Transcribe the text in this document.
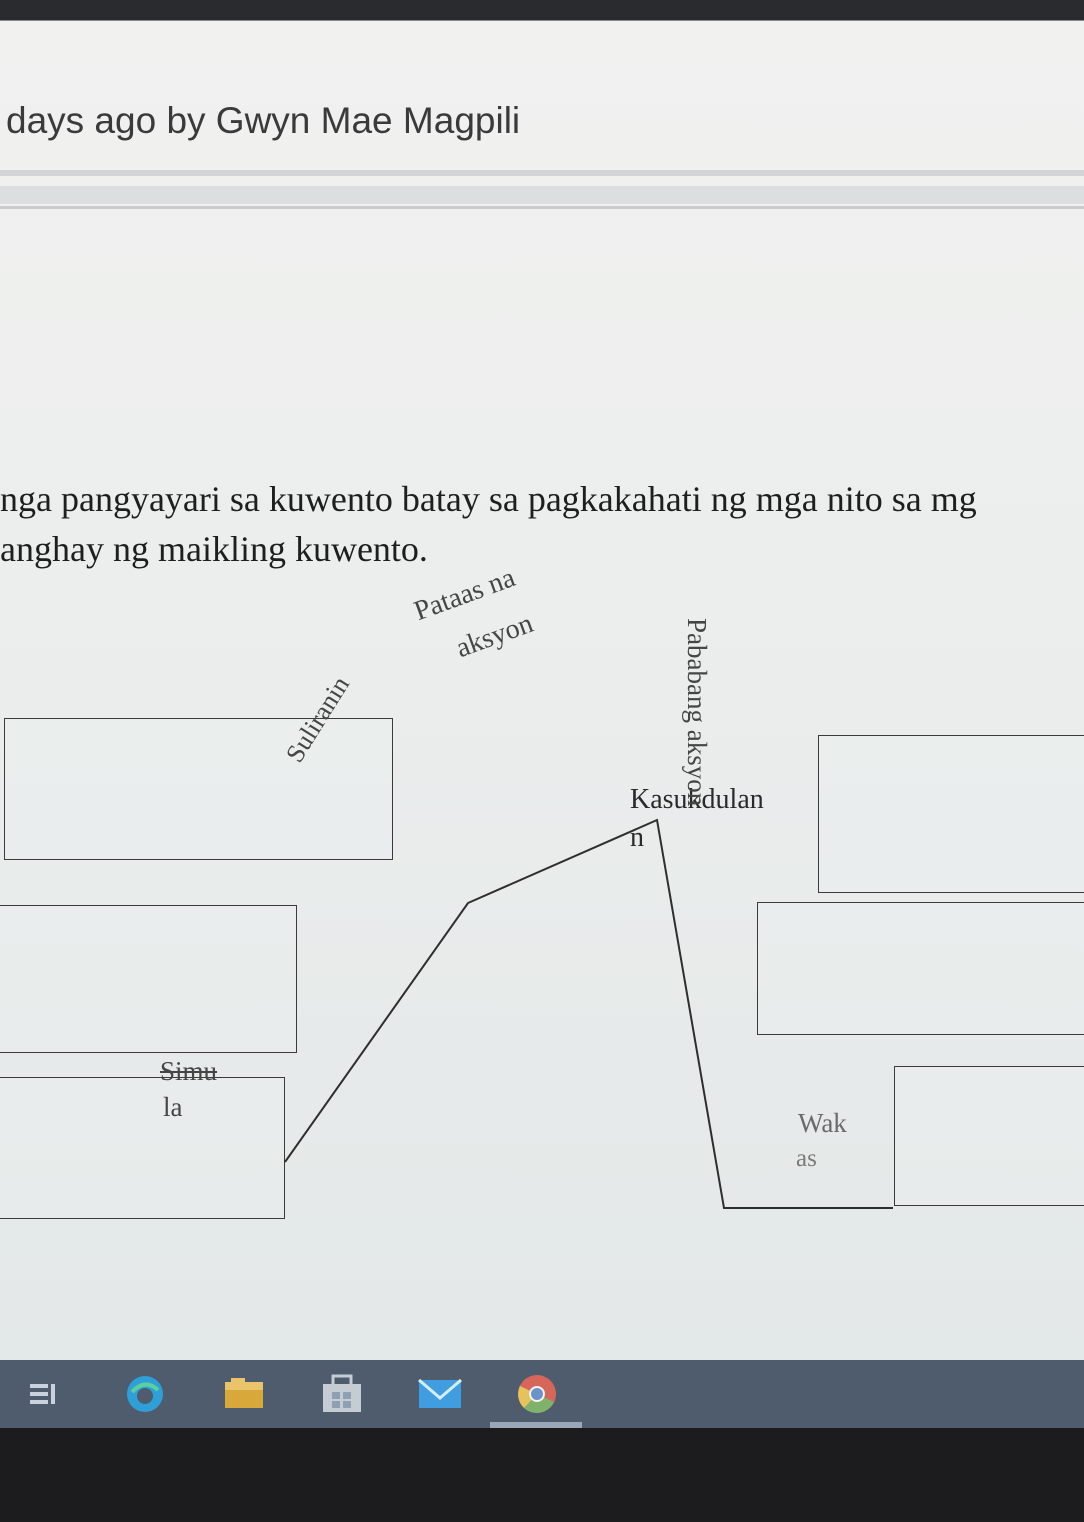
days ago by Gwyn Mae Magpili
nga pangyayari sa kuwento batay sa pagkakahati ng mga nito sa mg
anghay ng maikling kuwento.
Simu
la
Suliranin
Pataas na
aksyon
Kasukdulan
n
Pababang aksyon
Wak
as
